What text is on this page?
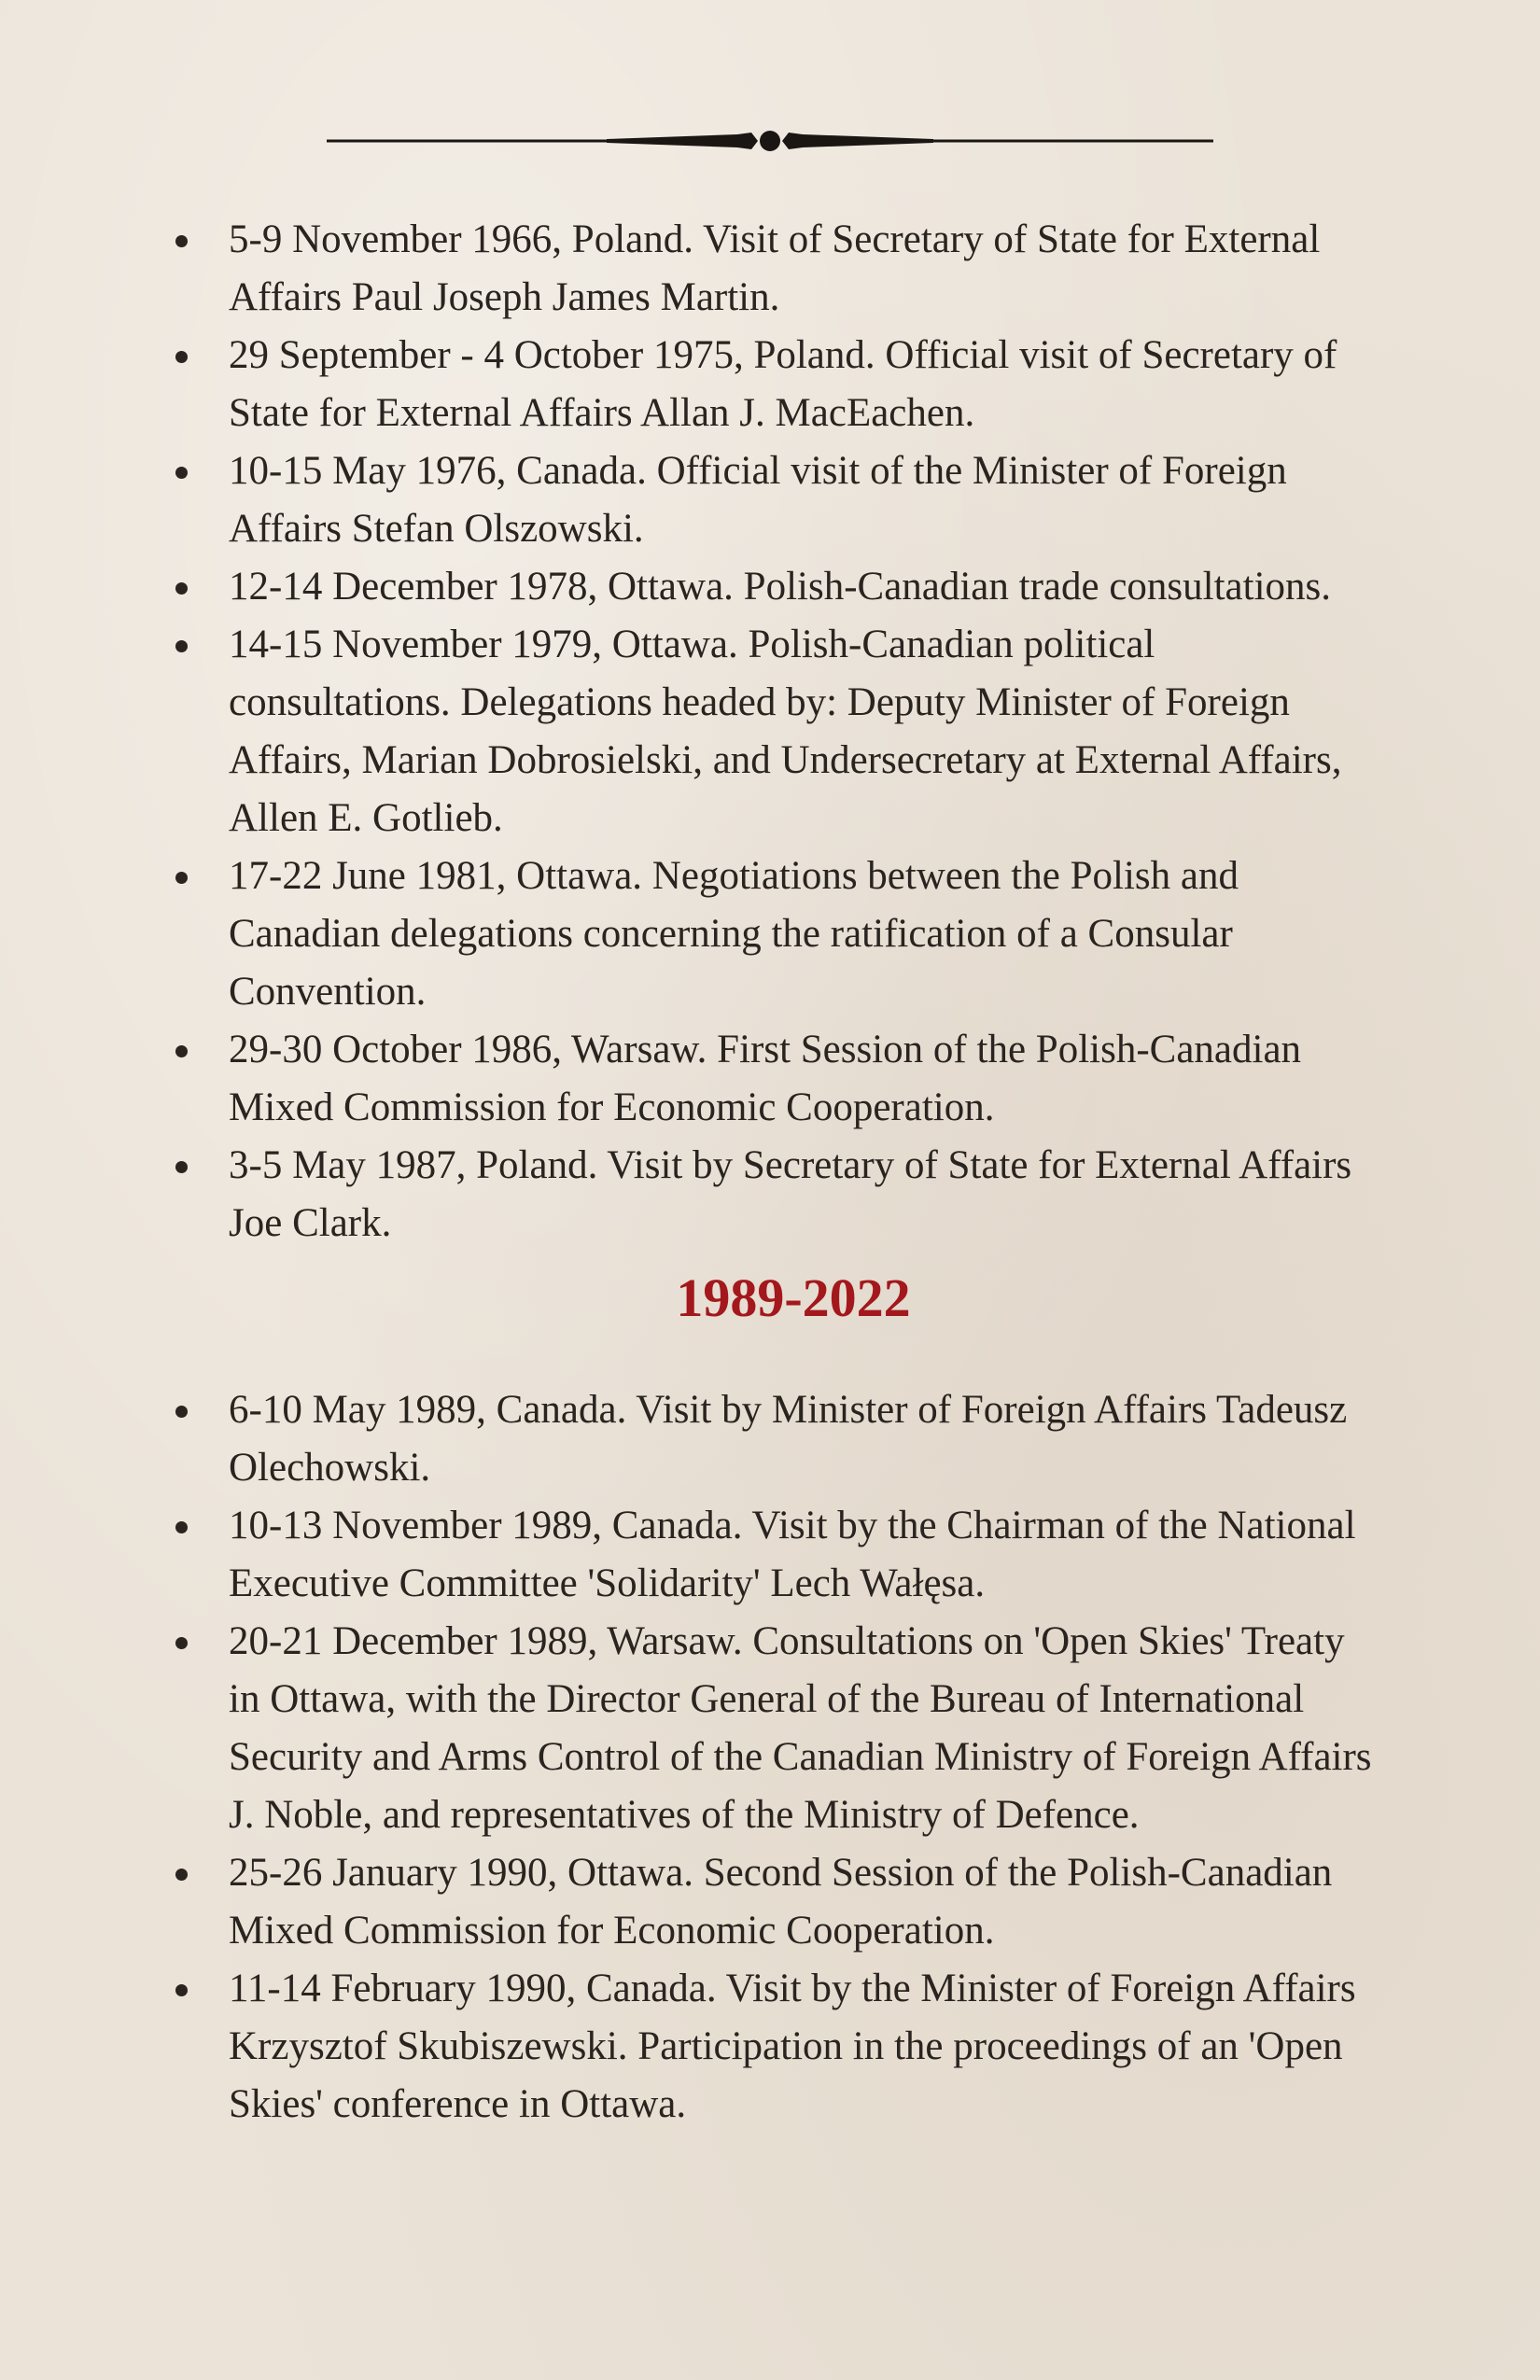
5-9 November 1966, Poland. Visit of Secretary of State for External Affairs Paul Joseph James Martin.
29 September - 4 October 1975, Poland. Official visit of Secretary of State for External Affairs Allan J. MacEachen.
10-15 May 1976, Canada. Official visit of the Minister of Foreign Affairs Stefan Olszowski.
12-14 December 1978, Ottawa. Polish-Canadian trade consultations.
14-15 November 1979, Ottawa. Polish-Canadian political consultations. Delegations headed by: Deputy Minister of Foreign Affairs, Marian Dobrosielski, and Undersecretary at External Affairs, Allen E. Gotlieb.
17-22 June 1981, Ottawa. Negotiations between the Polish and Canadian delegations concerning the ratification of a Consular Convention.
29-30 October 1986, Warsaw. First Session of the Polish-Canadian Mixed Commission for Economic Cooperation.
3-5 May 1987, Poland. Visit by Secretary of State for External Affairs Joe Clark.
1989-2022
6-10 May 1989, Canada. Visit by Minister of Foreign Affairs Tadeusz Olechowski.
10-13 November 1989, Canada. Visit by the Chairman of the National Executive Committee 'Solidarity' Lech Wałęsa.
20-21 December 1989, Warsaw. Consultations on 'Open Skies' Treaty in Ottawa, with the Director General of the Bureau of International Security and Arms Control of the Canadian Ministry of Foreign Affairs J. Noble, and representatives of the Ministry of Defence.
25-26 January 1990, Ottawa. Second Session of the Polish-Canadian Mixed Commission for Economic Cooperation.
11-14 February 1990, Canada. Visit by the Minister of Foreign Affairs Krzysztof Skubiszewski. Participation in the proceedings of an 'Open Skies' conference in Ottawa.
